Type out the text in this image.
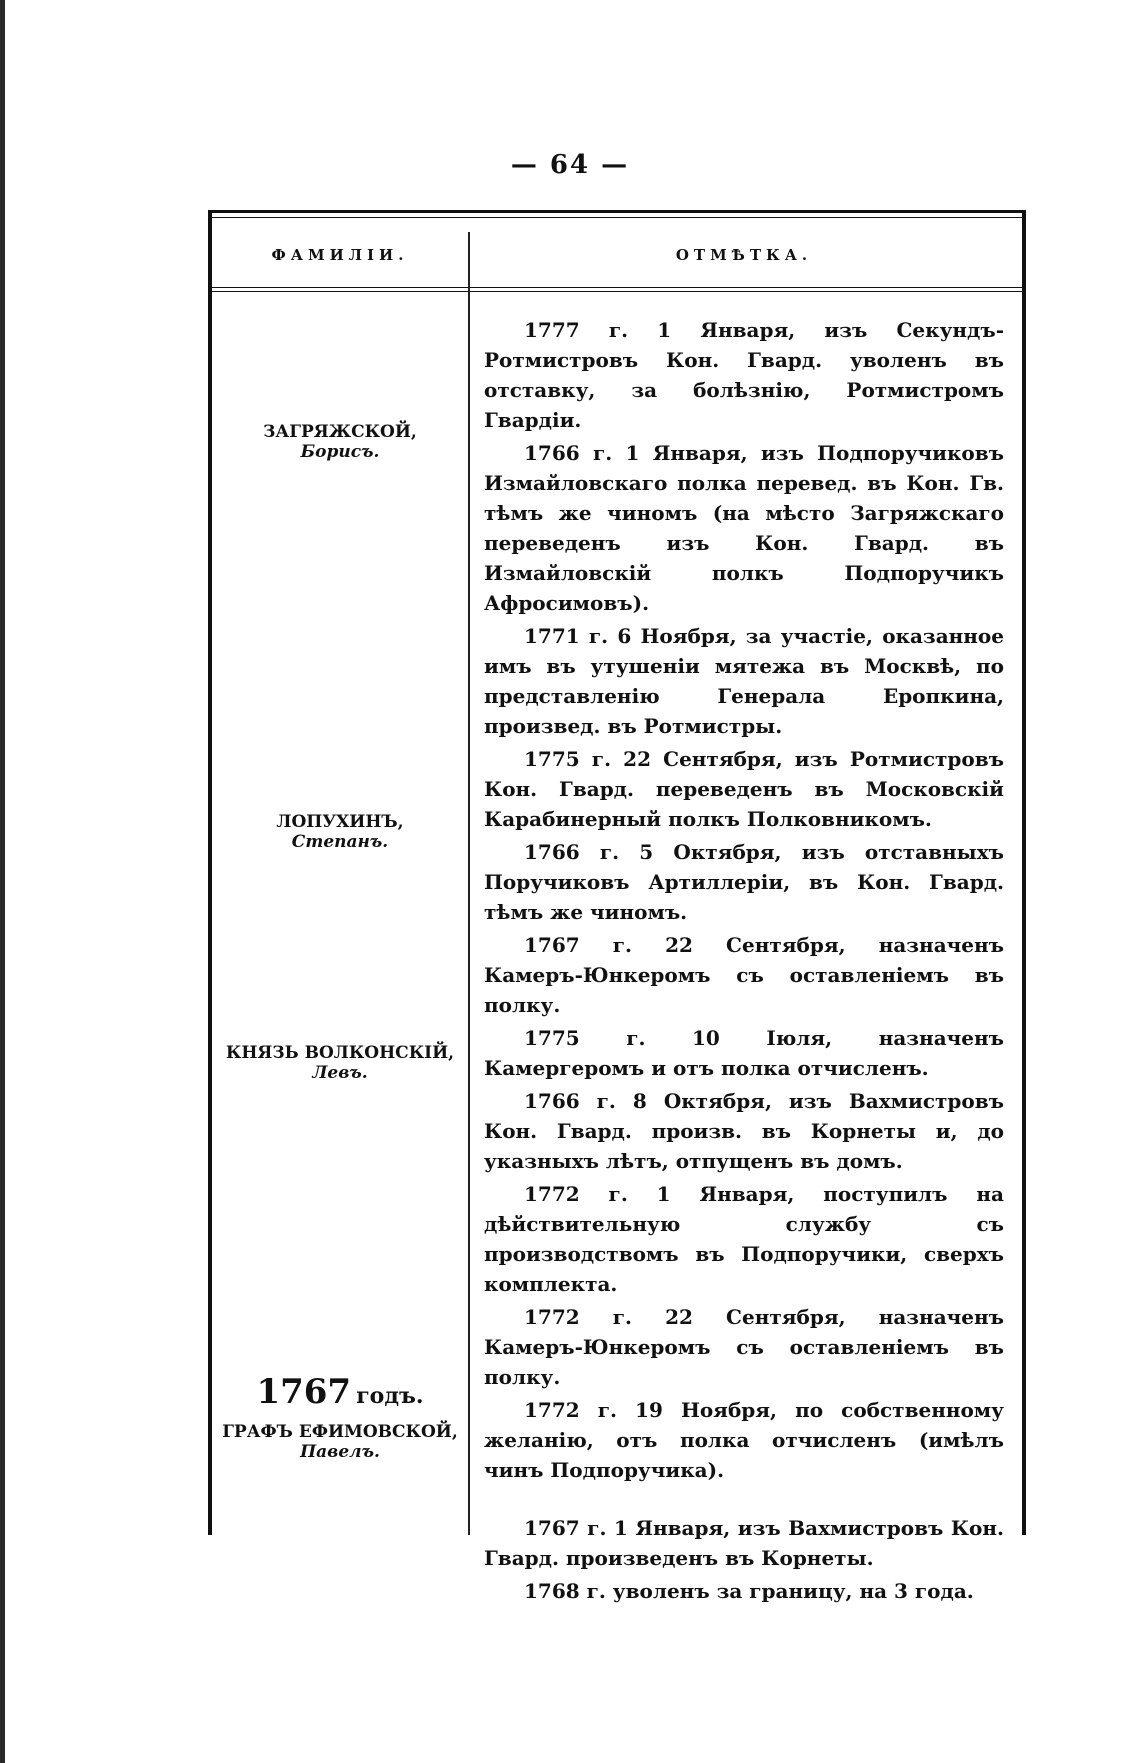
— 64 —
ФАМИЛІИ.	ОТМѢТКА.
ЗАГРЯЖСКОЙ,
Борисъ.
ЛОПУХИНЪ,
Степанъ.
КНЯЗЬ ВОЛКОНСКІЙ,
Левъ.
1767 годъ.
ГРАФЪ ЕФИМОВСКОЙ,
Павелъ.

1777 г. 1 Января, изъ Секундъ-Ротмистровъ Кон. Гвард. уволенъ въ отставку, за болѣзнію, Ротмистромъ Гвардіи.

1766 г. 1 Января, изъ Подпоручиковъ Измайловскаго полка перевед. въ Кон. Гв. тѣмъ же чиномъ (на мѣсто Загряжскаго переведенъ изъ Кон. Гвард. въ Измайловскій полкъ Подпоручикъ Афросимовъ).

1771 г. 6 Ноября, за участіе, оказанное имъ въ утушеніи мятежа въ Москвѣ, по представленію Генерала Еропкина, произвед. въ Ротмистры.

1775 г. 22 Сентября, изъ Ротмистровъ Кон. Гвард. переведенъ въ Московскій Карабинерный полкъ Полковникомъ.

1766 г. 5 Октября, изъ отставныхъ Поручиковъ Артиллеріи, въ Кон. Гвард. тѣмъ же чиномъ.

1767 г. 22 Сентября, назначенъ Камеръ-Юнкеромъ съ оставленіемъ въ полку.

1775 г. 10 Іюля, назначенъ Камергеромъ и отъ полка отчисленъ.

1766 г. 8 Октября, изъ Вахмистровъ Кон. Гвард. произв. въ Корнеты и, до указныхъ лѣтъ, отпущенъ въ домъ.

1772 г. 1 Января, поступилъ на дѣйствительную службу съ производствомъ въ Подпоручики, сверхъ комплекта.

1772 г. 22 Сентября, назначенъ Камеръ-Юнкеромъ съ оставленіемъ въ полку.

1772 г. 19 Ноября, по собственному желанію, отъ полка отчисленъ (имѣлъ чинъ Подпоручика).

1767 г. 1 Января, изъ Вахмистровъ Кон. Гвард. произведенъ въ Корнеты.

1768 г. уволенъ за границу, на 3 года.
